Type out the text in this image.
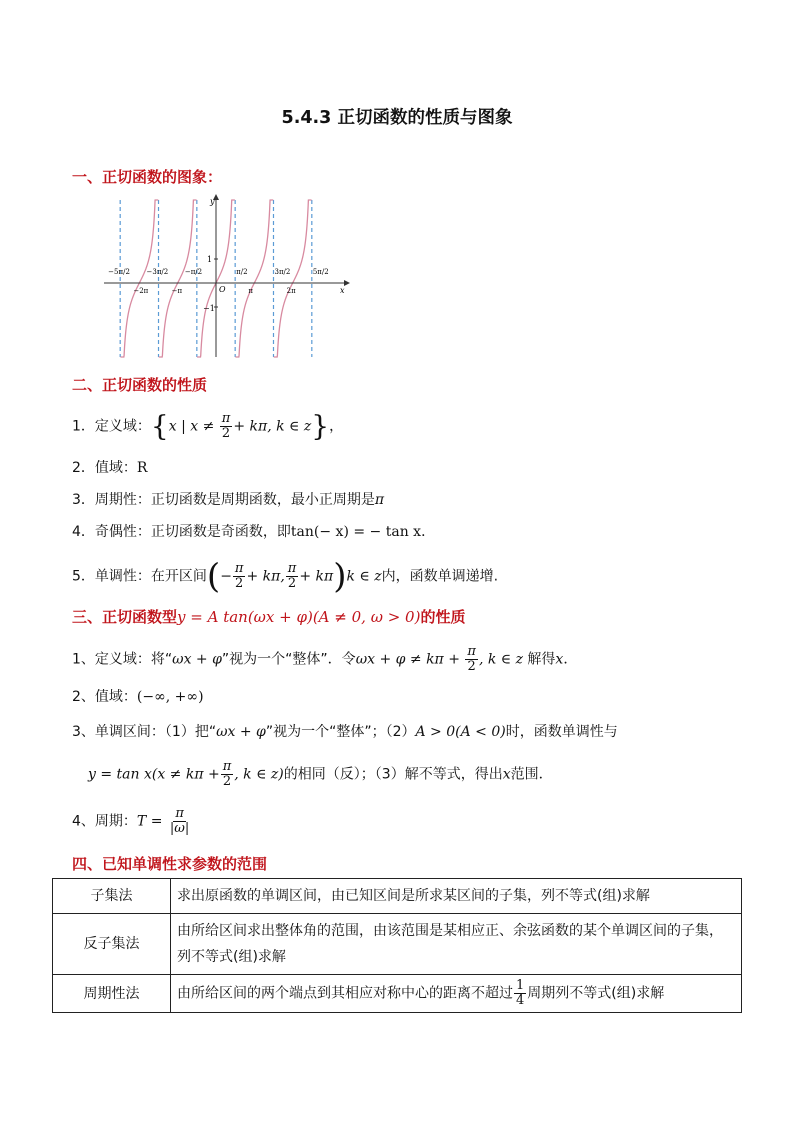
5.4.3 正切函数的性质与图象
一、正切函数的图象：
y
x
O
1
−1
−5π/2 −3π/2 −π/2	π/2	3π/2	5π/2
−2π	−π	π	2π
二、正切函数的性质
1．定义域：{x | $x \ne \frac{\pi}{2} + k\pi$, k ∈ z}，
2．值域：R
3．周期性：正切函数是周期函数，最小正周期是π
4．奇偶性：正切函数是奇函数，即tan(− x) = − tan x．
5．单调性：在开区间(− $\frac{\pi}{2} + k\pi$, $\frac{\pi}{2} + k\pi)k$ ∈ z内，函数单调递增.
三、正切函数型y = A tan(ωx + φ)(A ≠ 0, ω > 0)的性质
1、定义域：将“ωx + φ”视为一个“整体”．令$\omega x + \varphi \ne k\pi + \frac{\pi}{2}$ , k ∈ z 解得x．
2、值域：(−∞, +∞)
3、单调区间：（1）把“ωx + φ”视为一个“整体”；（2）A > 0(A < 0)时，函数单调性与
$y = \tan x(x \ne k\pi + \frac{\pi}{2}$ , k ∈ z)的相同（反）；（3）解不等式，得出x范围．
4、周期：$T = \frac{\pi}{|\omega|}$
四、已知单调性求参数的范围
子集法	求出原函数的单调区间，由已知区间是所求某区间的子集，列不等式(组)求解
反子集法	由所给区间求出整体角的范围，由该范围是某相应正、余弦函数的某个单调区间的子集，列不等式(组)求解
周期性法	由所给区间的两个端点到其相应对称中心的距离不超过 $\frac{1}{4}$ 周期列不等式(组)求解
